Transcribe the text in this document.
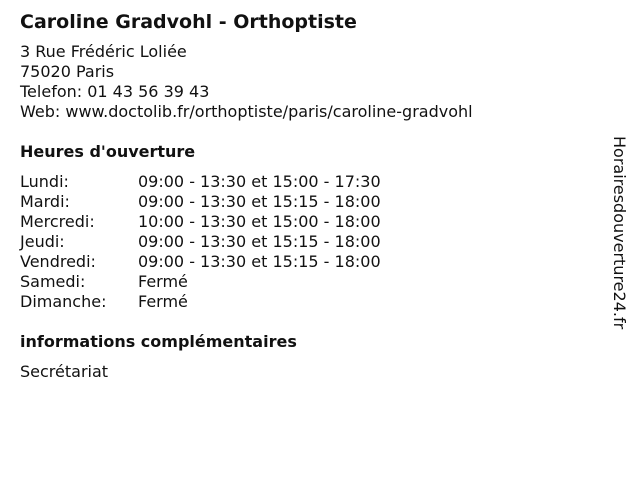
Caroline Gradvohl - Orthoptiste
3 Rue Frédéric Loliée
75020 Paris
Telefon: 01 43 56 39 43
Web: www.doctolib.fr/orthoptiste/paris/caroline-gradvohl
Heures d'ouverture
Lundi:	09:00 - 13:30 et 15:00 - 17:30
Mardi:	09:00 - 13:30 et 15:15 - 18:00
Mercredi:	10:00 - 13:30 et 15:00 - 18:00
Jeudi:	09:00 - 13:30 et 15:15 - 18:00
Vendredi:	09:00 - 13:30 et 15:15 - 18:00
Samedi:	Fermé
Dimanche:	Fermé
informations complémentaires
Secrétariat
Horairesdouverture24.fr
